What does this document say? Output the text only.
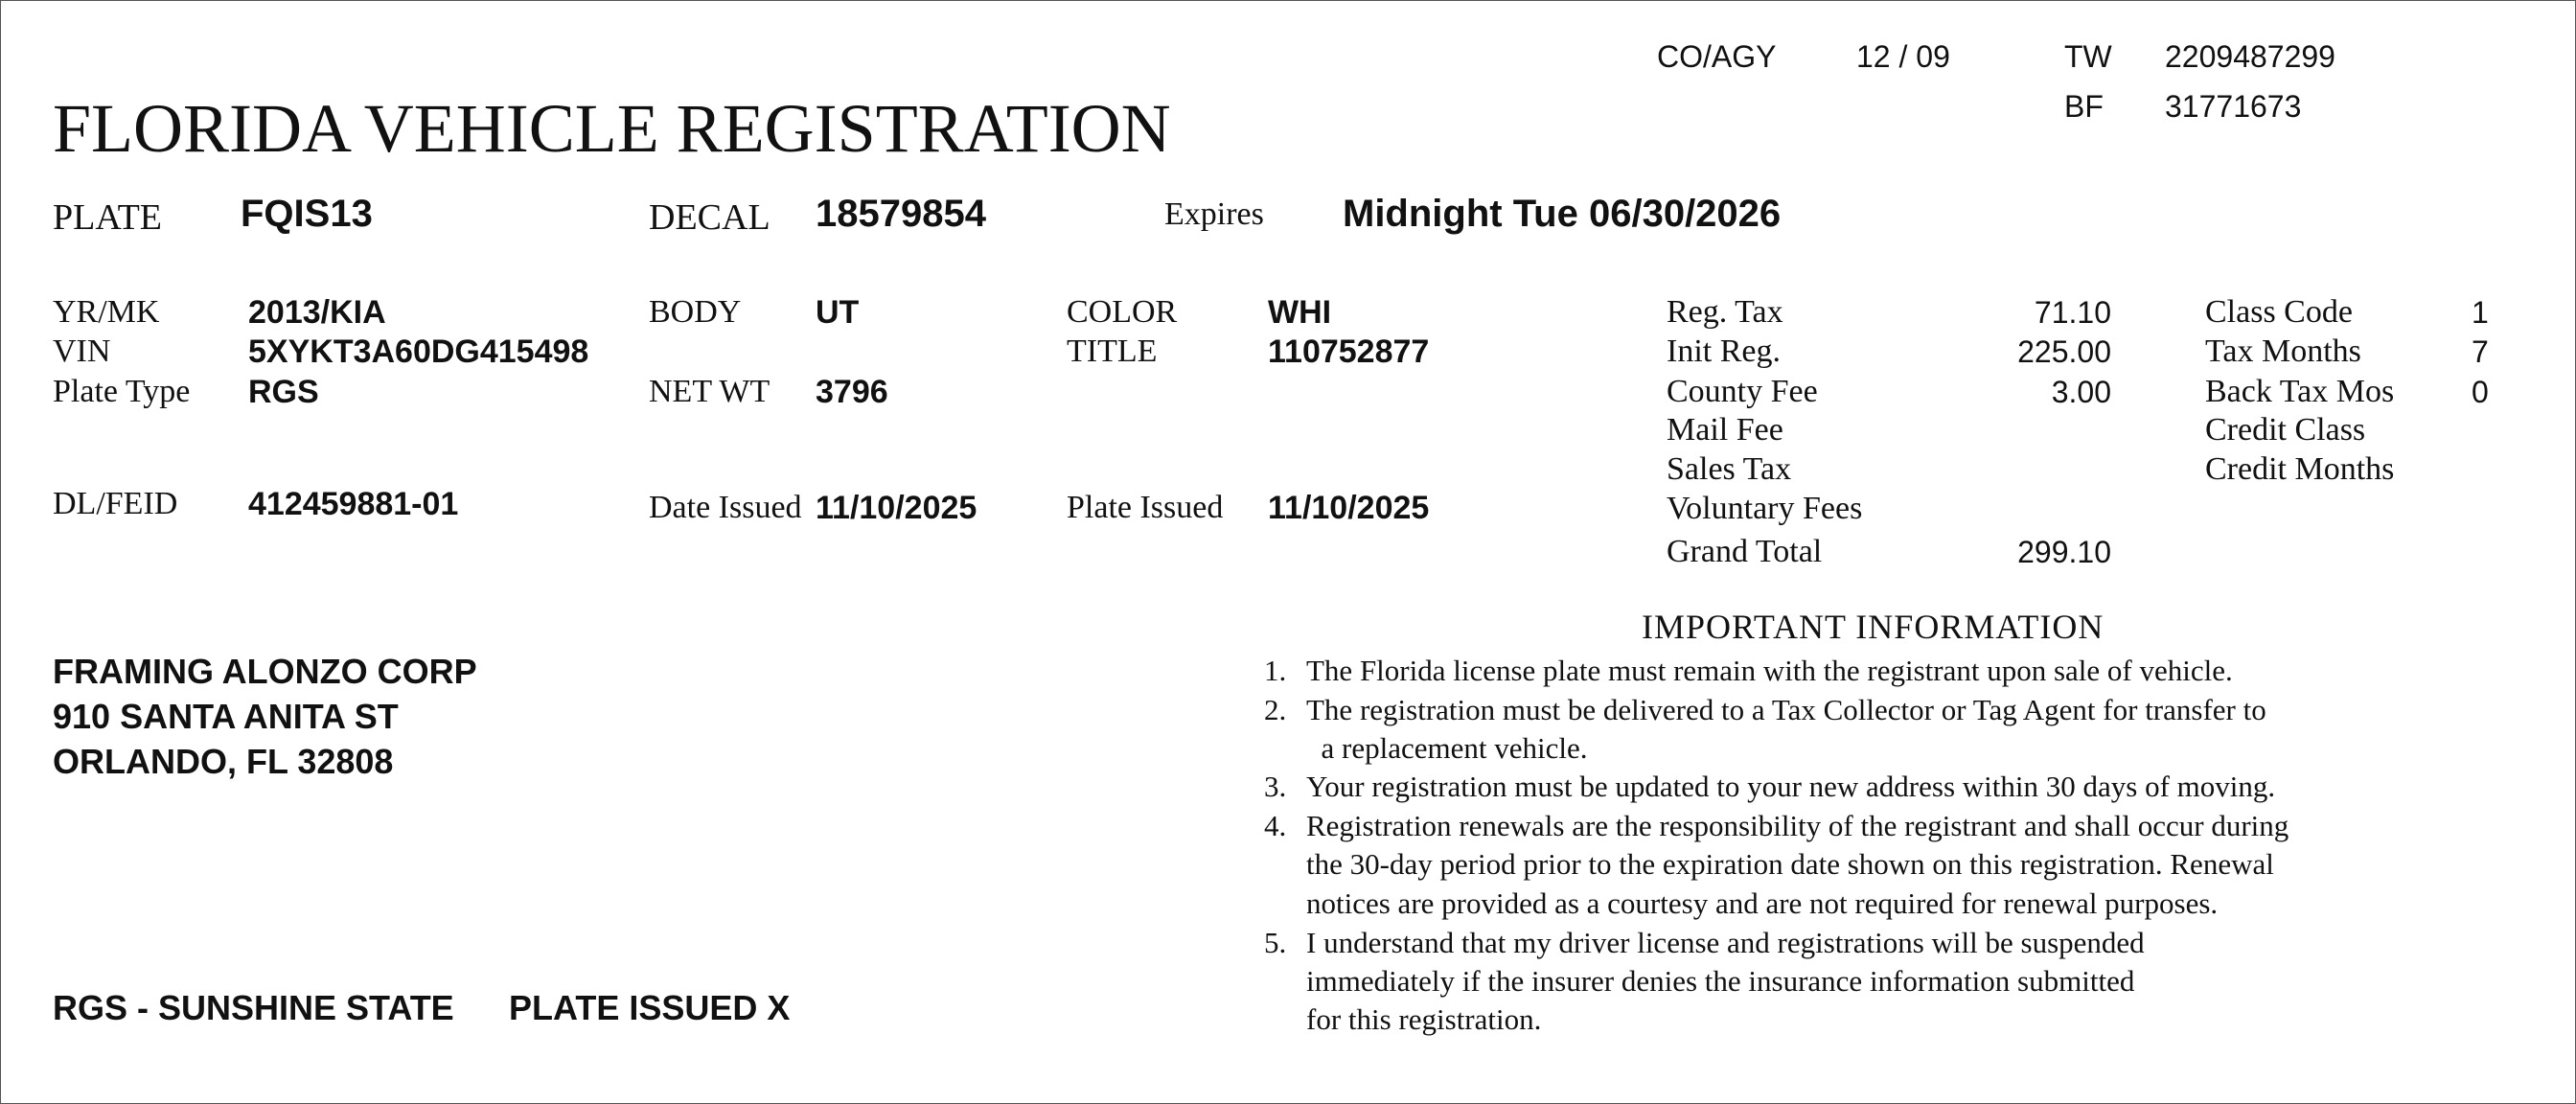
CO/AGY	12 / 09	TW 2209487299
BF 31771673
FLORIDA VEHICLE REGISTRATION
PLATE FQIS13	DECAL 18579854	Expires Midnight Tue 06/30/2026
YR/MK	2013/KIA
VIN	5XYKT3A60DG415498
Plate Type RGS
DL/FEID 412459881-01
BODY UT
NET WT 3796
Date Issued 11/10/2025
COLOR	WHI
TITLE	110752877
Plate Issued 11/10/2025
Reg. Tax	71.10
Init Reg.	225.00
County Fee	3.00
Mail Fee
Sales Tax
Voluntary Fees
Grand Total	299.10
Class Code	1
Tax Months	7
Back Tax Mos	0
Credit Class
Credit Months
FRAMING ALONZO CORP
910 SANTA ANITA ST
ORLANDO, FL 32808
IMPORTANT INFORMATION
1. The Florida license plate must remain with the registrant upon sale of vehicle.
2. The registration must be delivered to a Tax Collector or Tag Agent for transfer to
a replacement vehicle.
3. Your registration must be updated to your new address within 30 days of moving.
4. Registration renewals are the responsibility of the registrant and shall occur during
the 30-day period prior to the expiration date shown on this registration. Renewal
notices are provided as a courtesy and are not required for renewal purposes.
5. I understand that my driver license and registrations will be suspended
immediately if the insurer denies the insurance information submitted
for this registration.
RGS - SUNSHINE STATE PLATE ISSUED X
